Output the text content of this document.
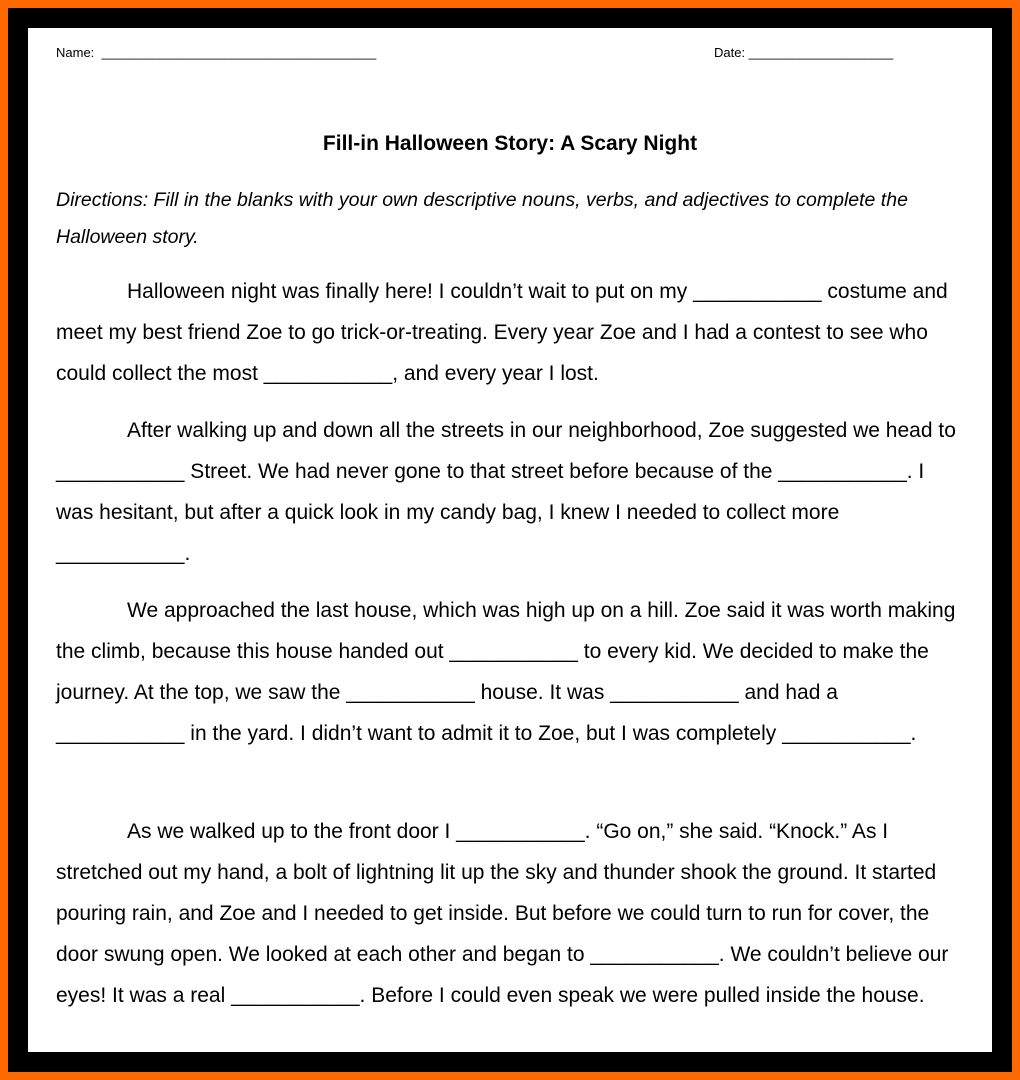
Name:  ______________________________________	Date: ____________________
Fill-in Halloween Story: A Scary Night
Directions: Fill in the blanks with your own descriptive nouns, verbs, and adjectives to complete the Halloween story.
Halloween night was finally here! I couldn’t wait to put on my ___________ costume and meet my best friend Zoe to go trick-or-treating. Every year Zoe and I had a contest to see who could collect the most ___________, and every year I lost.
After walking up and down all the streets in our neighborhood, Zoe suggested we head to ___________ Street. We had never gone to that street before because of the ___________. I was hesitant, but after a quick look in my candy bag, I knew I needed to collect more ___________.
We approached the last house, which was high up on a hill. Zoe said it was worth making the climb, because this house handed out ___________ to every kid. We decided to make the journey. At the top, we saw the ___________ house. It was ___________ and had a ___________ in the yard. I didn’t want to admit it to Zoe, but I was completely ___________.
As we walked up to the front door I ___________. “Go on,” she said. “Knock.” As I stretched out my hand, a bolt of lightning lit up the sky and thunder shook the ground. It started pouring rain, and Zoe and I needed to get inside. But before we could turn to run for cover, the door swung open. We looked at each other and began to ___________. We couldn’t believe our eyes! It was a real ___________. Before I could even speak we were pulled inside the house.
